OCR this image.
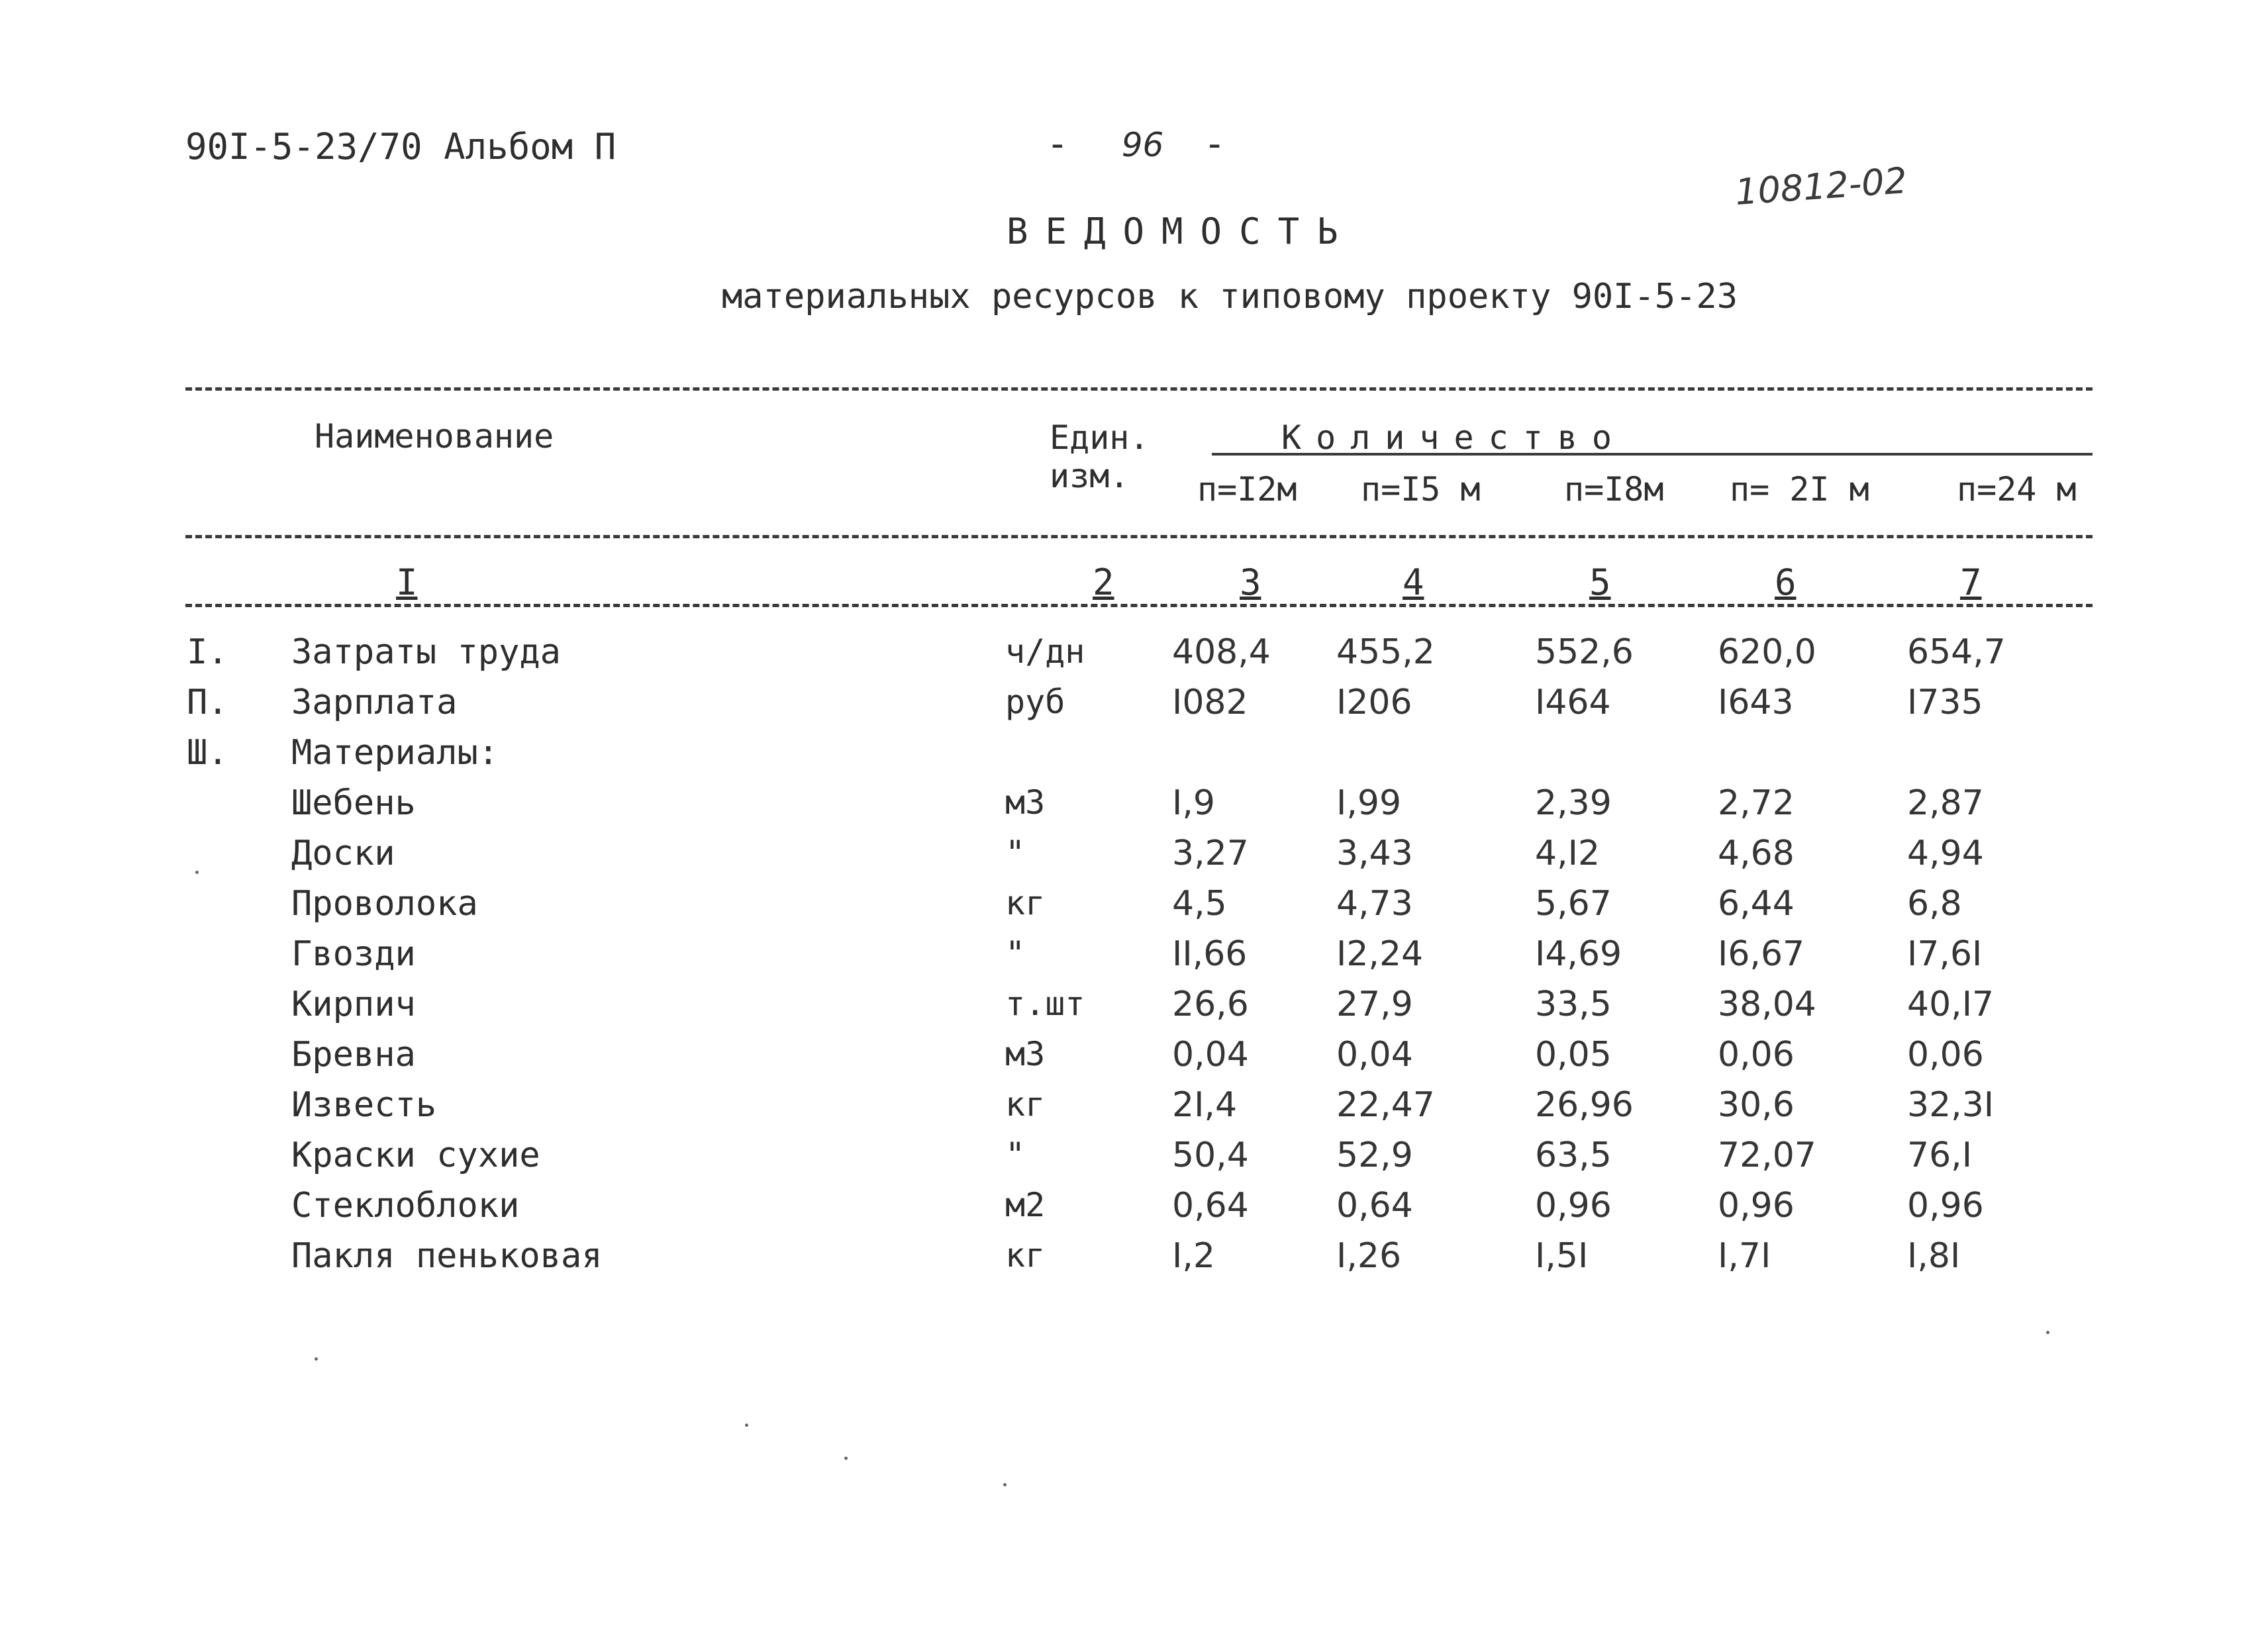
90I-5-23/70 Альбом П	- 96 -
10812-02
ВЕДОМОСТЬ
материальных ресурсов к типовому проекту 90I-5-23
Наименование	Един.
изм.
Количество
п=I2м п=I5 м	п=I8м п= 2I м	п=24 м
I	2	3	4	5	6	7
I. Затраты труда	ч/дн	408,4 455,2	552,6 620,0	654,7
П. Зарплата	руб	I082	I206	I464	I643	I735
Ш. Материалы:
Шебень	м3	I,9	I,99	2,39	2,72	2,87
Доски	"	3,27	3,43	4,I2	4,68	4,94
Проволока	кг	4,5	4,73	5,67	6,44	6,8
Гвозди	"	II,66	I2,24	I4,69	I6,67	I7,6I
Кирпич	т.шт	26,6	27,9	33,5	38,04	40,I7
Бревна	м3	0,04	0,04	0,05	0,06	0,06
Известь	кг	2I,4	22,47	26,96 30,6	32,3I
Краски сухие	"	50,4	52,9	63,5	72,07	76,I
Стеклоблоки	м2	0,64	0,64	0,96	0,96	0,96
Пакля пеньковая	кг	I,2	I,26	I,5I	I,7I	I,8I
